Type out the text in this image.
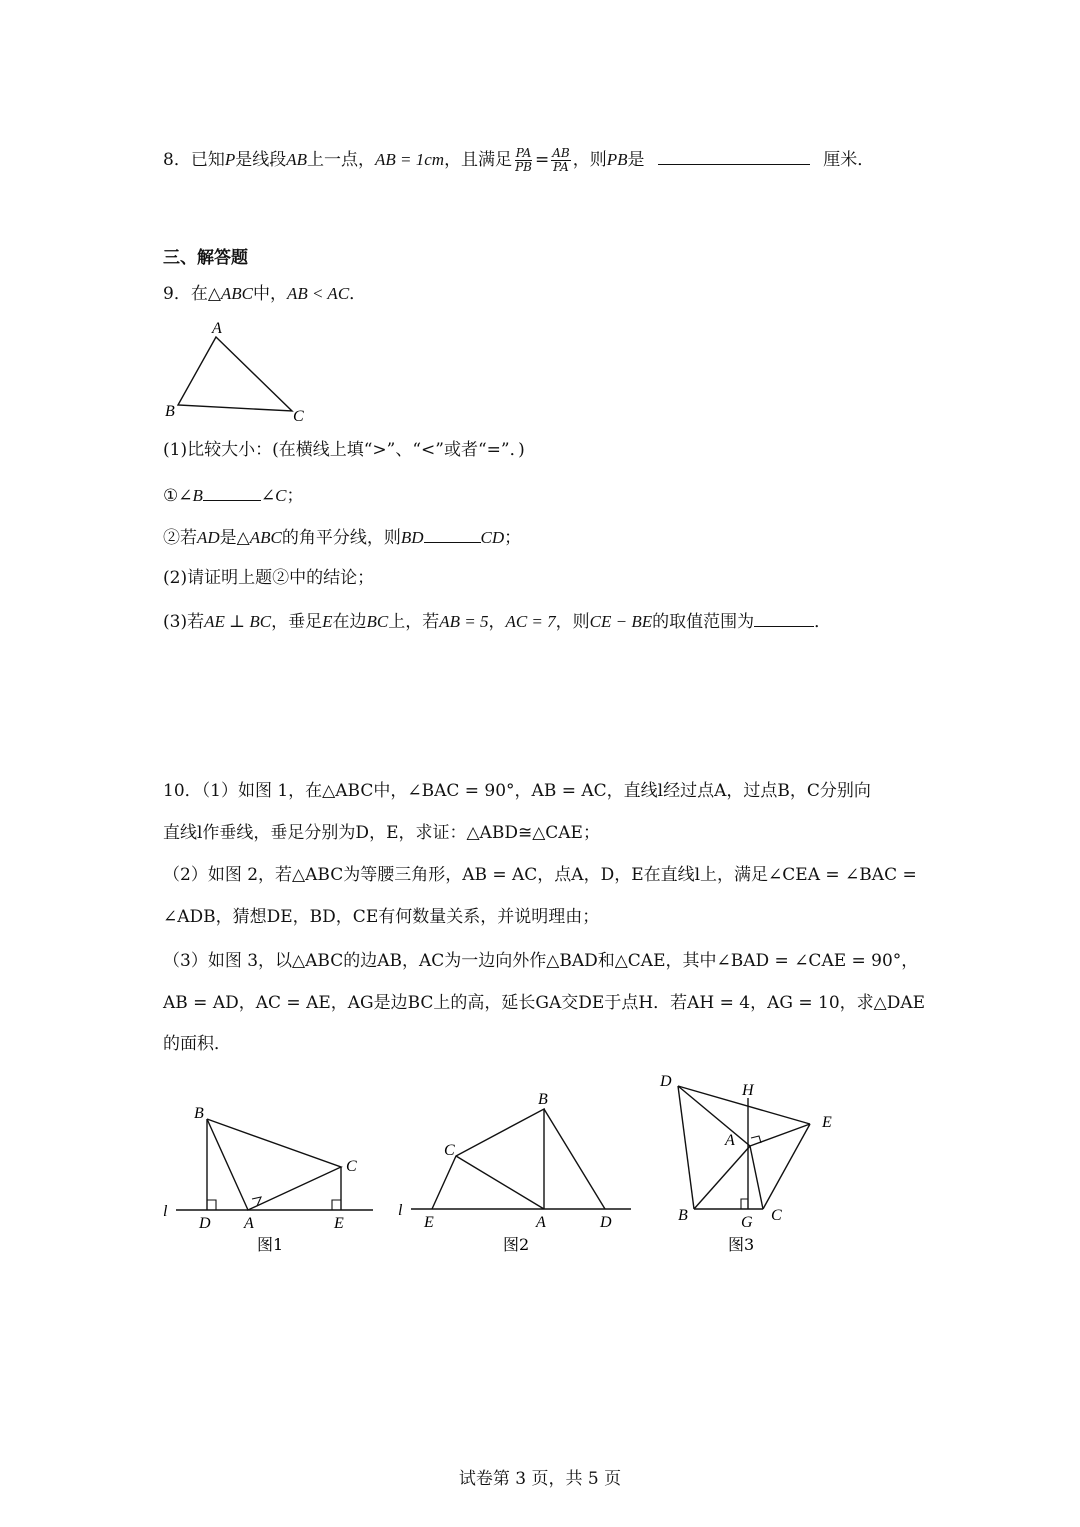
8．已知P是线段AB上一点，AB = 1cm，且满足 $\frac{PA}{PB} = \frac{AB}{PA}$ ，则PB是	厘米．
三、解答题
9．在△ABC中，AB < AC．
A
B	C
(1)比较大小：(在横线上填“>”、“<”或者“=”．)
①∠B	∠C；
②若AD是△ABC的角平分线，则BD	CD；
(2)请证明上题②中的结论；
(3)若AE ⊥ BC，垂足E在边BC上，若AB = 5，AC = 7，则CE − BE的取值范围为	．
10．（1）如图 1，在△ABC中，∠BAC = 90°，AB = AC，直线l经过点A，过点B，C分别向
直线l作垂线，垂足分别为D，E，求证：△ABD≅△CAE；
（2）如图 2，若△ABC为等腰三角形，AB = AC，点A，D，E在直线l上，满足∠CEA = ∠BAC =
∠ADB，猜想DE，BD，CE有何数量关系，并说明理由；
（3）如图 3，以△ABC的边AB，AC为一边向外作△BAD和△CAE，其中∠BAD = ∠CAE = 90°，
AB = AD，AC = AE，AG是边BC上的高，延长GA交DE于点H．若AH = 4，AG = 10，求△DAE
的面积．
B
C
l
D A	E
图1
B
C
l
E	A	D
图2
D
H
E
A
B	G C
图3
试卷第 3 页，共 5 页
